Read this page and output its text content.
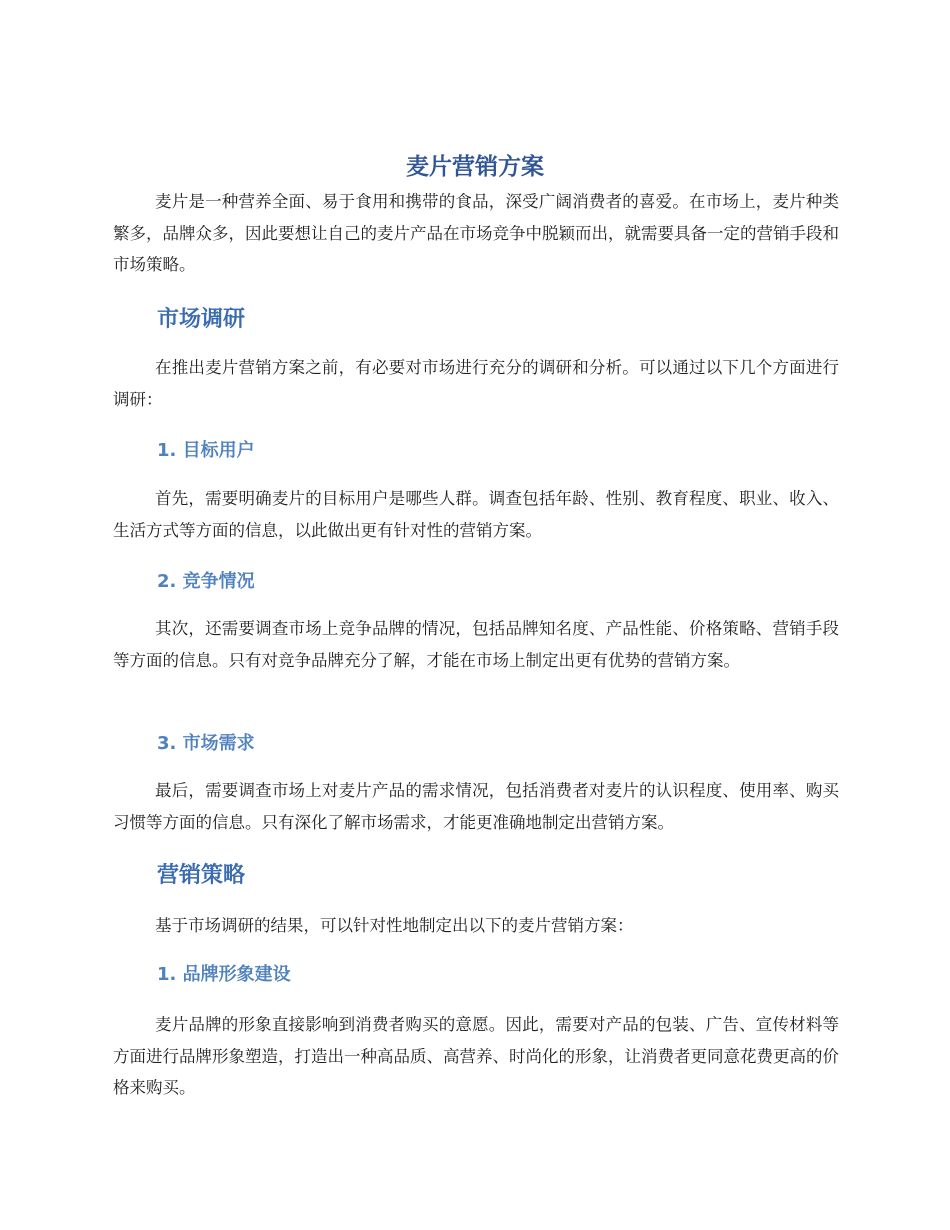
麦片营销方案

麦片是一种营养全面、易于食用和携带的食品，深受广阔消费者的喜爱。在市场上，麦片种类繁多，品牌众多，因此要想让自己的麦片产品在市场竞争中脱颖而出，就需要具备一定的营销手段和市场策略。

市场调研

在推出麦片营销方案之前，有必要对市场进行充分的调研和分析。可以通过以下几个方面进行调研：

1. 目标用户

首先，需要明确麦片的目标用户是哪些人群。调查包括年龄、性别、教育程度、职业、收入、生活方式等方面的信息，以此做出更有针对性的营销方案。

2. 竞争情况

其次，还需要调查市场上竞争品牌的情况，包括品牌知名度、产品性能、价格策略、营销手段等方面的信息。只有对竞争品牌充分了解，才能在市场上制定出更有优势的营销方案。

3. 市场需求

最后，需要调查市场上对麦片产品的需求情况，包括消费者对麦片的认识程度、使用率、购买习惯等方面的信息。只有深化了解市场需求，才能更准确地制定出营销方案。

营销策略

基于市场调研的结果，可以针对性地制定出以下的麦片营销方案：

1. 品牌形象建设

麦片品牌的形象直接影响到消费者购买的意愿。因此，需要对产品的包装、广告、宣传材料等方面进行品牌形象塑造，打造出一种高品质、高营养、时尚化的形象，让消费者更同意花费更高的价格来购买。
